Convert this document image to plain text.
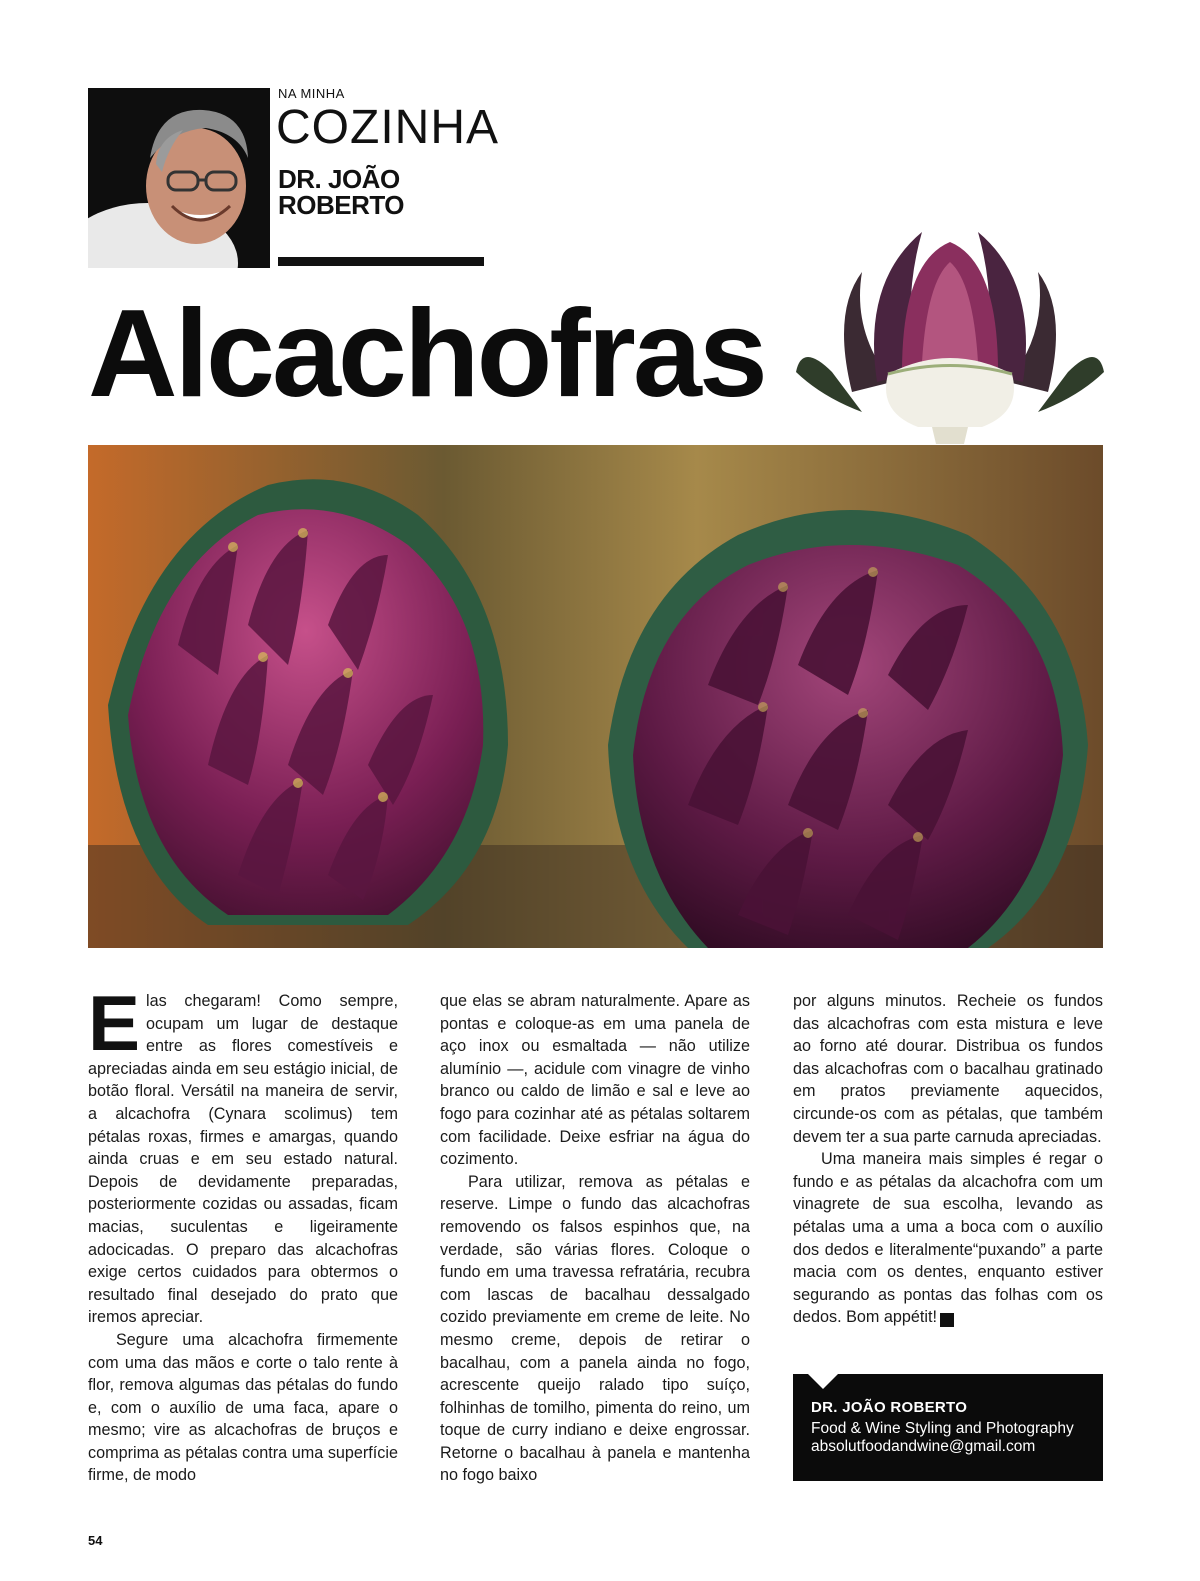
NA MINHA
COZINHA
DR. JOÃO
ROBERTO
Alcachofras

Elas chegaram! Como sempre, ocupam um lugar de destaque entre as flores comestíveis e apreciadas ainda em seu estágio inicial, de botão floral. Versátil na maneira de servir, a alcachofra (Cynara scolimus) tem pétalas roxas, firmes e amargas, quando ainda cruas e em seu estado natural. Depois de devidamente preparadas, posteriormente cozidas ou assadas, ficam macias, suculentas e ligeiramente adocicadas. O preparo das alcachofras exige certos cuidados para obtermos o resultado final desejado do prato que iremos apreciar.

Segure uma alcachofra firmemente com uma das mãos e corte o talo rente à flor, remova algumas das pétalas do fundo e, com o auxílio de uma faca, apare o mesmo; vire as alcachofras de bruços e comprima as pétalas contra uma superfície firme, de modo

que elas se abram naturalmente. Apare as pontas e coloque-as em uma panela de aço inox ou esmaltada — não utilize alumínio —, acidule com vinagre de vinho branco ou caldo de limão e sal e leve ao fogo para cozinhar até as pétalas soltarem com facilidade. Deixe esfriar na água do cozimento.

Para utilizar, remova as pétalas e reserve. Limpe o fundo das alcachofras removendo os falsos espinhos que, na verdade, são várias flores. Coloque o fundo em uma travessa refratária, recubra com lascas de bacalhau dessalgado cozido previamente em creme de leite. No mesmo creme, depois de retirar o bacalhau, com a panela ainda no fogo, acrescente queijo ralado tipo suíço, folhinhas de tomilho, pimenta do reino, um toque de curry indiano e deixe engrossar. Retorne o bacalhau à panela e mantenha no fogo baixo

por alguns minutos. Recheie os fundos das alcachofras com esta mistura e leve ao forno até dourar. Distribua os fundos das alcachofras com o bacalhau gratinado em pratos previamente aquecidos, circunde-os com as pétalas, que também devem ter a sua parte carnuda apreciadas.

Uma maneira mais simples é regar o fundo e as pétalas da alcachofra com um vinagrete de sua escolha, levando as pétalas uma a uma a boca com o auxílio dos dedos e literalmente“puxando” a parte macia com os dentes, enquanto estiver segurando as pontas das folhas com os dedos. Bom appétit!	r

DR. JOÃO ROBERTO
Food & Wine Styling and Photography
absolutfoodandwine@gmail.com
54
